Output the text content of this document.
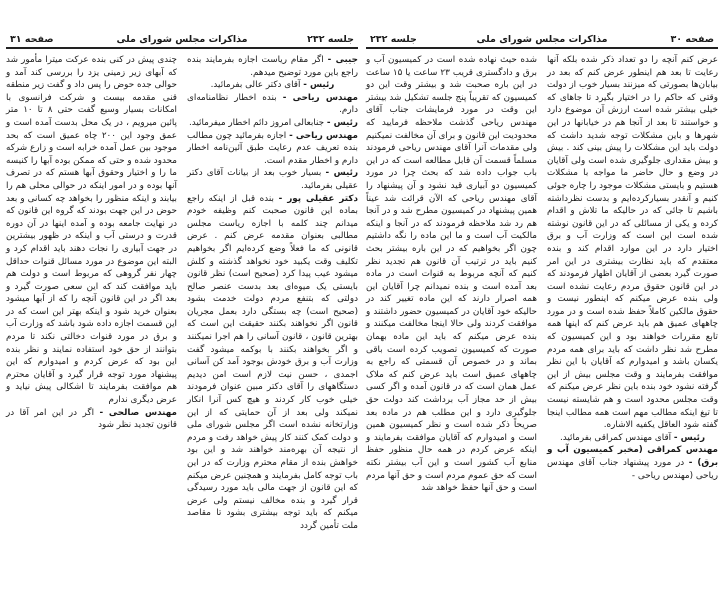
جلسه ۲۳۲
مذاکرات مجلس شورای ملی
صفحه ۳۱

جیبی - اگر مقام ریاست اجازه بفرمایند بنده راجع باین مورد توضیح میدهم.

رئیس - آقای دکتر عالی بفرمائید.

مهندس ریاحی - بنده اخطار نظامنامه‌ای دارم.

رئیس - جنابعالی امروز دائم اخطار میفرمائید.

مهندس ریاحی - اجازه بفرمائید چون مطالب بنده تعریف عدم رعایت طبق آئین‌نامه اخطار دارم و اخطار مقدم است.

رئیس - بسیار خوب بعد از بیانات آقای دکتر عقیلی بفرمائید.

دکتر عقیلی پور - بنده قبل از اینکه راجع بماده این قانون صحبت کنم وظیفه خودم میدانم چند کلمه با اجازه ریاست مجلس مطالبی بعنوان مقدمه عرض کنم . عرض قانونی که ما فعلاً وضع کرده‌ایم اگر بخواهیم تکلیف وقت یکبید خود نخواهد گذشته و کلش میشود عیب پیدا کرد (صحیح است) نظر قانون بایستی یک میوه‌ای بعد بدست عنصر صالح دولتی که بتنفع مردم دولت خدمت بشود (صحیح است) چه بستگی دارد بعمل مجریان قانون اگر نخواهند بکنند حقیقت این است که بهترین قانون ، قانون آسانی را هم اجرا نمیکنند و اگر بخواهند بکنند با بوکمه میشود گفت وزارت آب و برق خودش بوجود آمد کن آسانی اجمدی ، حسن نیت لازم است امن دیدیم دستگاههای را آقای دکتر مبین عنوان فرمودند خیلی خوب کار کردند و هیچ کس آنرا انکار نمیکند ولی بعد از آن حمایتی که از این وزارتخانه نشده است اگر مجلس شورای ملی و دولت کمک کنند کار پیش خواهد رفت و مردم از نتیجه آن بهره‌مند خواهند شد و این بود خواهش بنده از مقام محترم وزارت که در این باب توجه کامل بفرمایند و همچنین عرض میکنم که این قانون از جهت مالی باید مورد رسیدگی قرار گیرد و بنده مخالف نیستم ولی عرض میکنم که باید توجه بیشتری بشود تا مقاصد ملت تأمین گردد

چندی پیش در کنی بنده عرکت میترا مأمور شد که آبهای زیر زمینی یزد را بررسی کند آمد و حوالی جده حوض را پس داد و گفت زیر منطقه قنی مقدمه بیست و شرکت فرانسوی با امکانات بسیار وسیع گفت حتی ۸ تا ۱۰ متر پائین میرویم ، در یک محل بدست آمده است و عمق وجود این ۲۰۰ چاه عمیق است که بحد موجود بین عمل آمده خرابه است و زارع شرکه محدود شده و حتی که ممکن بوده آبها را کنیسه ما را و اختیار وحقوق آبها هستم که در تصرف آنها بوده و در امور اینکه در حوالی محلی هم را بیابند و اینکه منظور را بخواهد چه کسانی و بعد حوض در این جهت بودند که گروه این قانون که در نهایت جامعه بوده و آمده اینها در آن دوره قدرت و درستی آب و اینکه در ظهور بیشترین در جهت آبیاری را نجات دهند باید اقدام کرد و البته این موضوع در مورد مسائل قنوات حداقل چهار نفر گروهی که مربوط است و دولت هم باید موافقت کند که این سعی صورت گیرد و بعد اگر در این قانون آنچه را که از آبها میشود بعنوان خرید شود و اینکه بهتر این است که در این قسمت اجازه داده شود باشد که وزارت آب و برق در مورد قنوات دخالتی نکند تا مردم بتوانند از حق خود استفاده نمایند و نظر بنده این بود که عرض کردم و امیدوارم که این پیشنهاد مورد توجه قرار گیرد و آقایان محترم هم موافقت بفرمایند تا اشکالی پیش نیاید و عرض دیگری ندارم

مهندس صالحی - اگر در این امر آقا در قانون تجدید نظر شود

صفحه ۳۰
مذاکرات مجلس شورای ملی
جلسه ۲۳۲

عرض کنم آنچه را دو تعداد ذکر شده بلکه آنها رعایت تا بعد هم اینطور عرض کنم که بعد در بیابان‌ها بصورتی که میزنند بسیار خوب از دولت وقتی که حاکم را در اختیار بگیرد تا جاهای که خیلی بیشتر شده است ارزش آن موضوع دارد و خواستند تا بعد از آنجا هم در خیابانها در این شهرها و باین مشکلات توجه شدید داشت که دولت باید این مشکلات را پیش بینی کند . بیش و بیش مقداری جلوگیری شده است ولی آقایان در وضع و حال حاضر ما مواجه با مشکلات هستیم و بایستی مشکلات موجود را چاره جوئی کنیم و آنقدر بسیارکرده‌ایم و بدست نظرداشته باشیم تا جائی که در حالیکه ما تلاش و اقدام کرده و یکی از مسائلی که در این قانون نوشته شده است این است که وزارت آب و برق اختیار دارد در این موارد اقدام کند و بنده معتقدم که باید نظارت بیشتری در این امر صورت گیرد بعضی از آقایان اظهار فرمودند که در این قانون حقوق مردم رعایت نشده است ولی بنده عرض میکنم که اینطور نیست و حقوق مالکین کاملاً حفظ شده است و در مورد چاههای عمیق هم باید عرض کنم که اینها همه تابع مقررات خواهند بود و این کمیسیون که مطرح شد نظر داشت که باید برای همه مردم یکسان باشد و امیدوارم که آقایان با این نظر موافقت بفرمایند و وقت مجلس بیش از این گرفته نشود خود بنده باین نظر عرض میکنم که وقت مجلس محدود است و هم شایسته نیست تا تیغ اینکه مطالب مهم است همه مطالب اینجا گفته شود العاقل یکفیه الاشاره.

رئیس - آقای مهندس کمراقی بفرمائید.

مهندس کمراقی (مخبر کمیسیون آب و برق) - در مورد پیشنهاد جناب آقای مهندس ریاحی (مهندس ریاحی -

شده حیث نهاده شده است در کمیسیون آب و برق و دادگستری قریب ۲۳ ساعت یا ۱۵ ساعت در این باره صحبت شد و بیشتر وقت این دو کمیسیون که تقریباً پنج جلسه تشکیل شد بیشتر این وقت در مورد فرمایشات جناب آقای مهندس ریاحی گذشت ملاحظه فرمایید که محدودیت این قانون و برای آن مخالفت نمیکنیم ولی مقدمات آنرا آقای مهندس ریاحی فرمودند مسلماً قسمت آن قابل مطالعه است که در این باب جواب داده شد که بحث چرا در مورد کمیسیون دو آبیاری قید نشود و آن پیشنهاد را آقای مهندس ریاحی که الآن قرائت شد عیناً همین پیشنهاد در کمیسیون مطرح شد و در آنجا هم رد شد ملاحظه فرمودند که در آنجا و اینکه مالکیت آب است و ما این ماده را نگه داشتیم چون اگر بخواهیم که در این باره بیشتر بحث کنیم باید در ترتیب آن قانون هم تجدید نظر کنیم که آنچه مربوط به قنوات است در ماده بعد آمده است و بنده نمیدانم چرا آقایان این همه اصرار دارند که این ماده تغییر کند در حالیکه خود آقایان در کمیسیون حضور داشتند و موافقت کردند ولی حالا اینجا مخالفت میکنند و بنده عرض میکنم که باید این ماده بهمان صورت که کمیسیون تصویب کرده است باقی بماند و در خصوص آن قسمتی که راجع به چاههای عمیق است باید عرض کنم که ملاک عمل همان است که در قانون آمده و اگر کسی بیش از حد مجاز آب برداشت کند دولت حق جلوگیری دارد و این مطلب هم در ماده بعد صریحاً ذکر شده است و نظر کمیسیون همین است و امیدوارم که آقایان موافقت بفرمایند و اینکه عرض کردم در همه حال منظور حفظ منابع آب کشور است و این آب بیشتر نکته است که حق عموم مردم است و حق آنها مردم است و حق آنها حفظ خواهد شد
